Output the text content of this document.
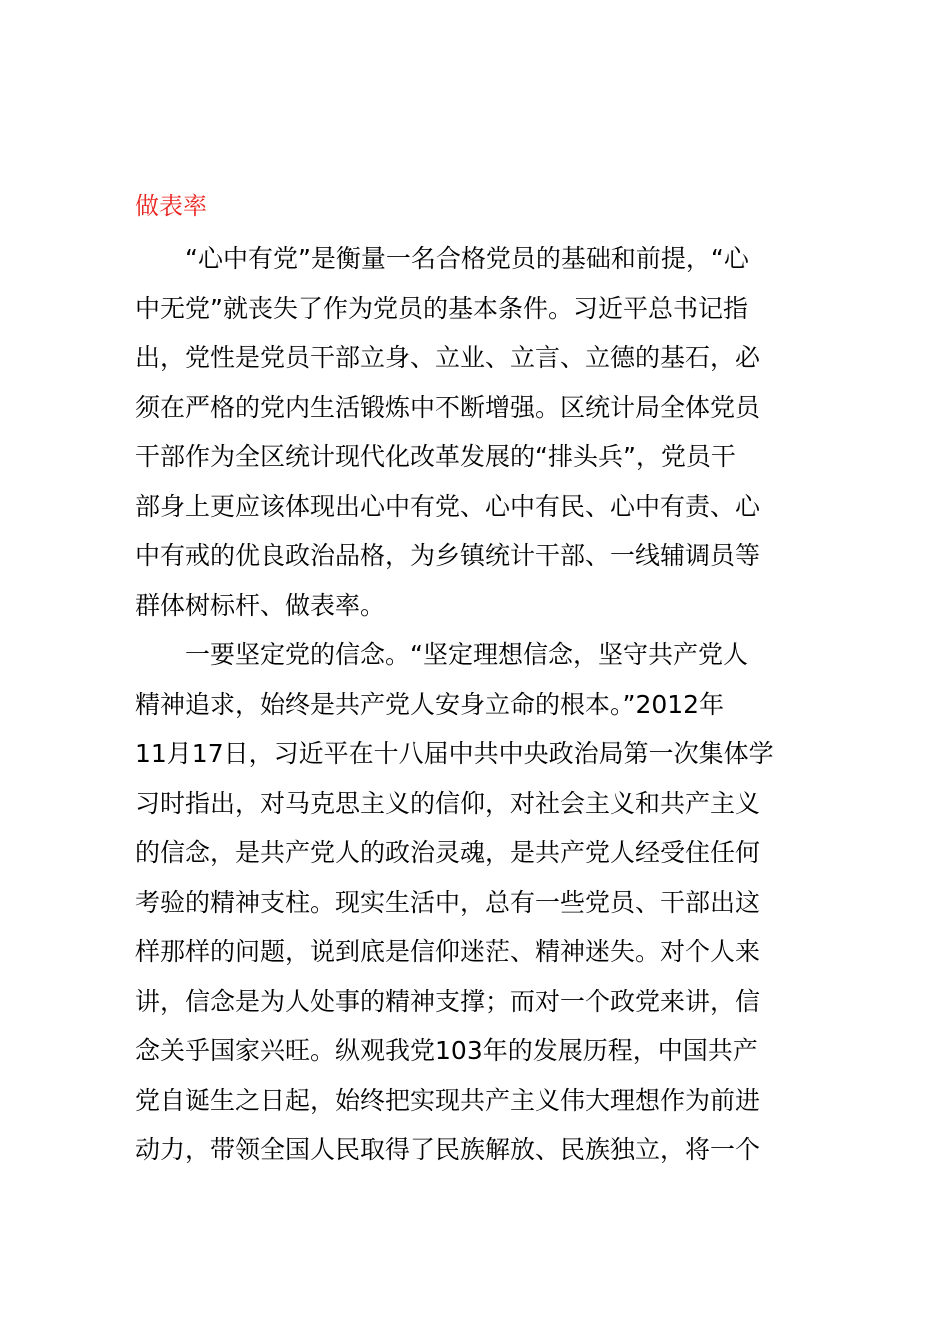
做表率
　　“心中有党”是衡量一名合格党员的基础和前提，“心
中无党”就丧失了作为党员的基本条件。习近平总书记指
出，党性是党员干部立身、立业、立言、立德的基石，必
须在严格的党内生活锻炼中不断增强。区统计局全体党员
干部作为全区统计现代化改革发展的“排头兵”，党员干
部身上更应该体现出心中有党、心中有民、心中有责、心
中有戒的优良政治品格，为乡镇统计干部、一线辅调员等
群体树标杆、做表率。
　　一要坚定党的信念。“坚定理想信念，坚守共产党人
精神追求，始终是共产党人安身立命的根本。”2012年
11月17日，习近平在十八届中共中央政治局第一次集体学
习时指出，对马克思主义的信仰，对社会主义和共产主义
的信念，是共产党人的政治灵魂，是共产党人经受住任何
考验的精神支柱。现实生活中，总有一些党员、干部出这
样那样的问题，说到底是信仰迷茫、精神迷失。对个人来
讲，信念是为人处事的精神支撑；而对一个政党来讲，信
念关乎国家兴旺。纵观我党103年的发展历程，中国共产
党自诞生之日起，始终把实现共产主义伟大理想作为前进
动力，带领全国人民取得了民族解放、民族独立，将一个
